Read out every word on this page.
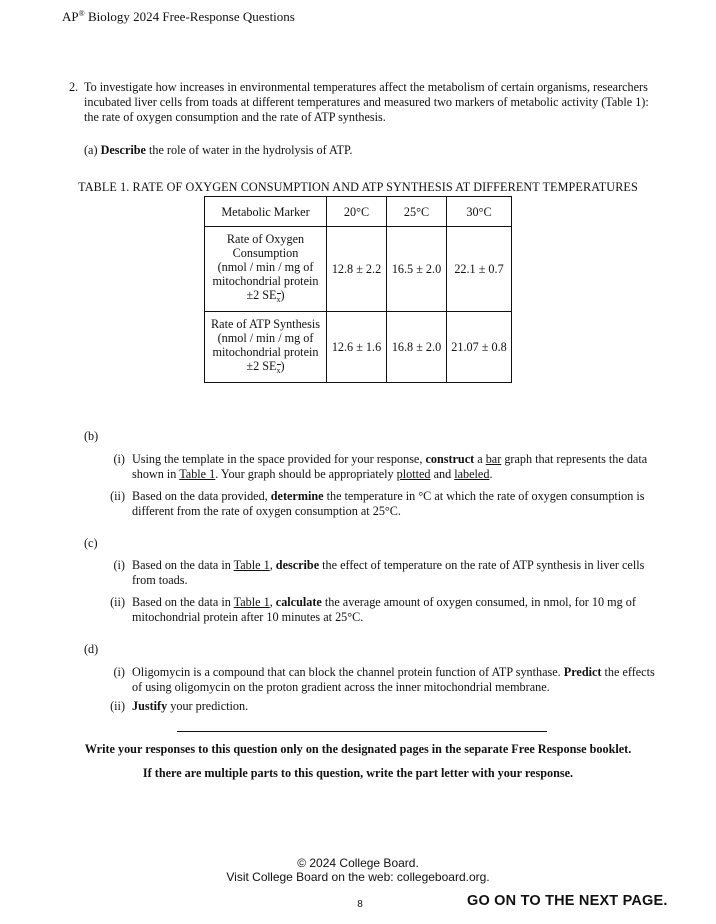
AP® Biology 2024 Free-Response Questions
2. To investigate how increases in environmental temperatures affect the metabolism of certain organisms, researchers incubated liver cells from toads at different temperatures and measured two markers of metabolic activity (Table 1): the rate of oxygen consumption and the rate of ATP synthesis.
(a) Describe the role of water in the hydrolysis of ATP.
TABLE 1. RATE OF OXYGEN CONSUMPTION AND ATP SYNTHESIS AT DIFFERENT TEMPERATURES
Metabolic Marker	20°C	25°C	30°C

Rate of Oxygen
Consumption
(nmol / min / mg of
mitochondrial protein
±2 SEx)	12.8 ± 2.2	16.5 ± 2.0	22.1 ± 0.7

Rate of ATP Synthesis
(nmol / min / mg of
mitochondrial protein
±2 SEx)	12.6 ± 1.6	16.8 ± 2.0	21.07 ± 0.8
(b)
(i) Using the template in the space provided for your response, construct a bar graph that represents the data shown in Table 1. Your graph should be appropriately plotted and labeled.
(ii) Based on the data provided, determine the temperature in °C at which the rate of oxygen consumption is different from the rate of oxygen consumption at 25°C.
(c)
(i) Based on the data in Table 1, describe the effect of temperature on the rate of ATP synthesis in liver cells from toads.
(ii) Based on the data in Table 1, calculate the average amount of oxygen consumed, in nmol, for 10 mg of mitochondrial protein after 10 minutes at 25°C.
(d)
(i) Oligomycin is a compound that can block the channel protein function of ATP synthase. Predict the effects of using oligomycin on the proton gradient across the inner mitochondrial membrane.
(ii) Justify your prediction.
Write your responses to this question only on the designated pages in the separate Free Response booklet.
If there are multiple parts to this question, write the part letter with your response.
© 2024 College Board.
Visit College Board on the web: collegeboard.org.
8	GO ON TO THE NEXT PAGE.
